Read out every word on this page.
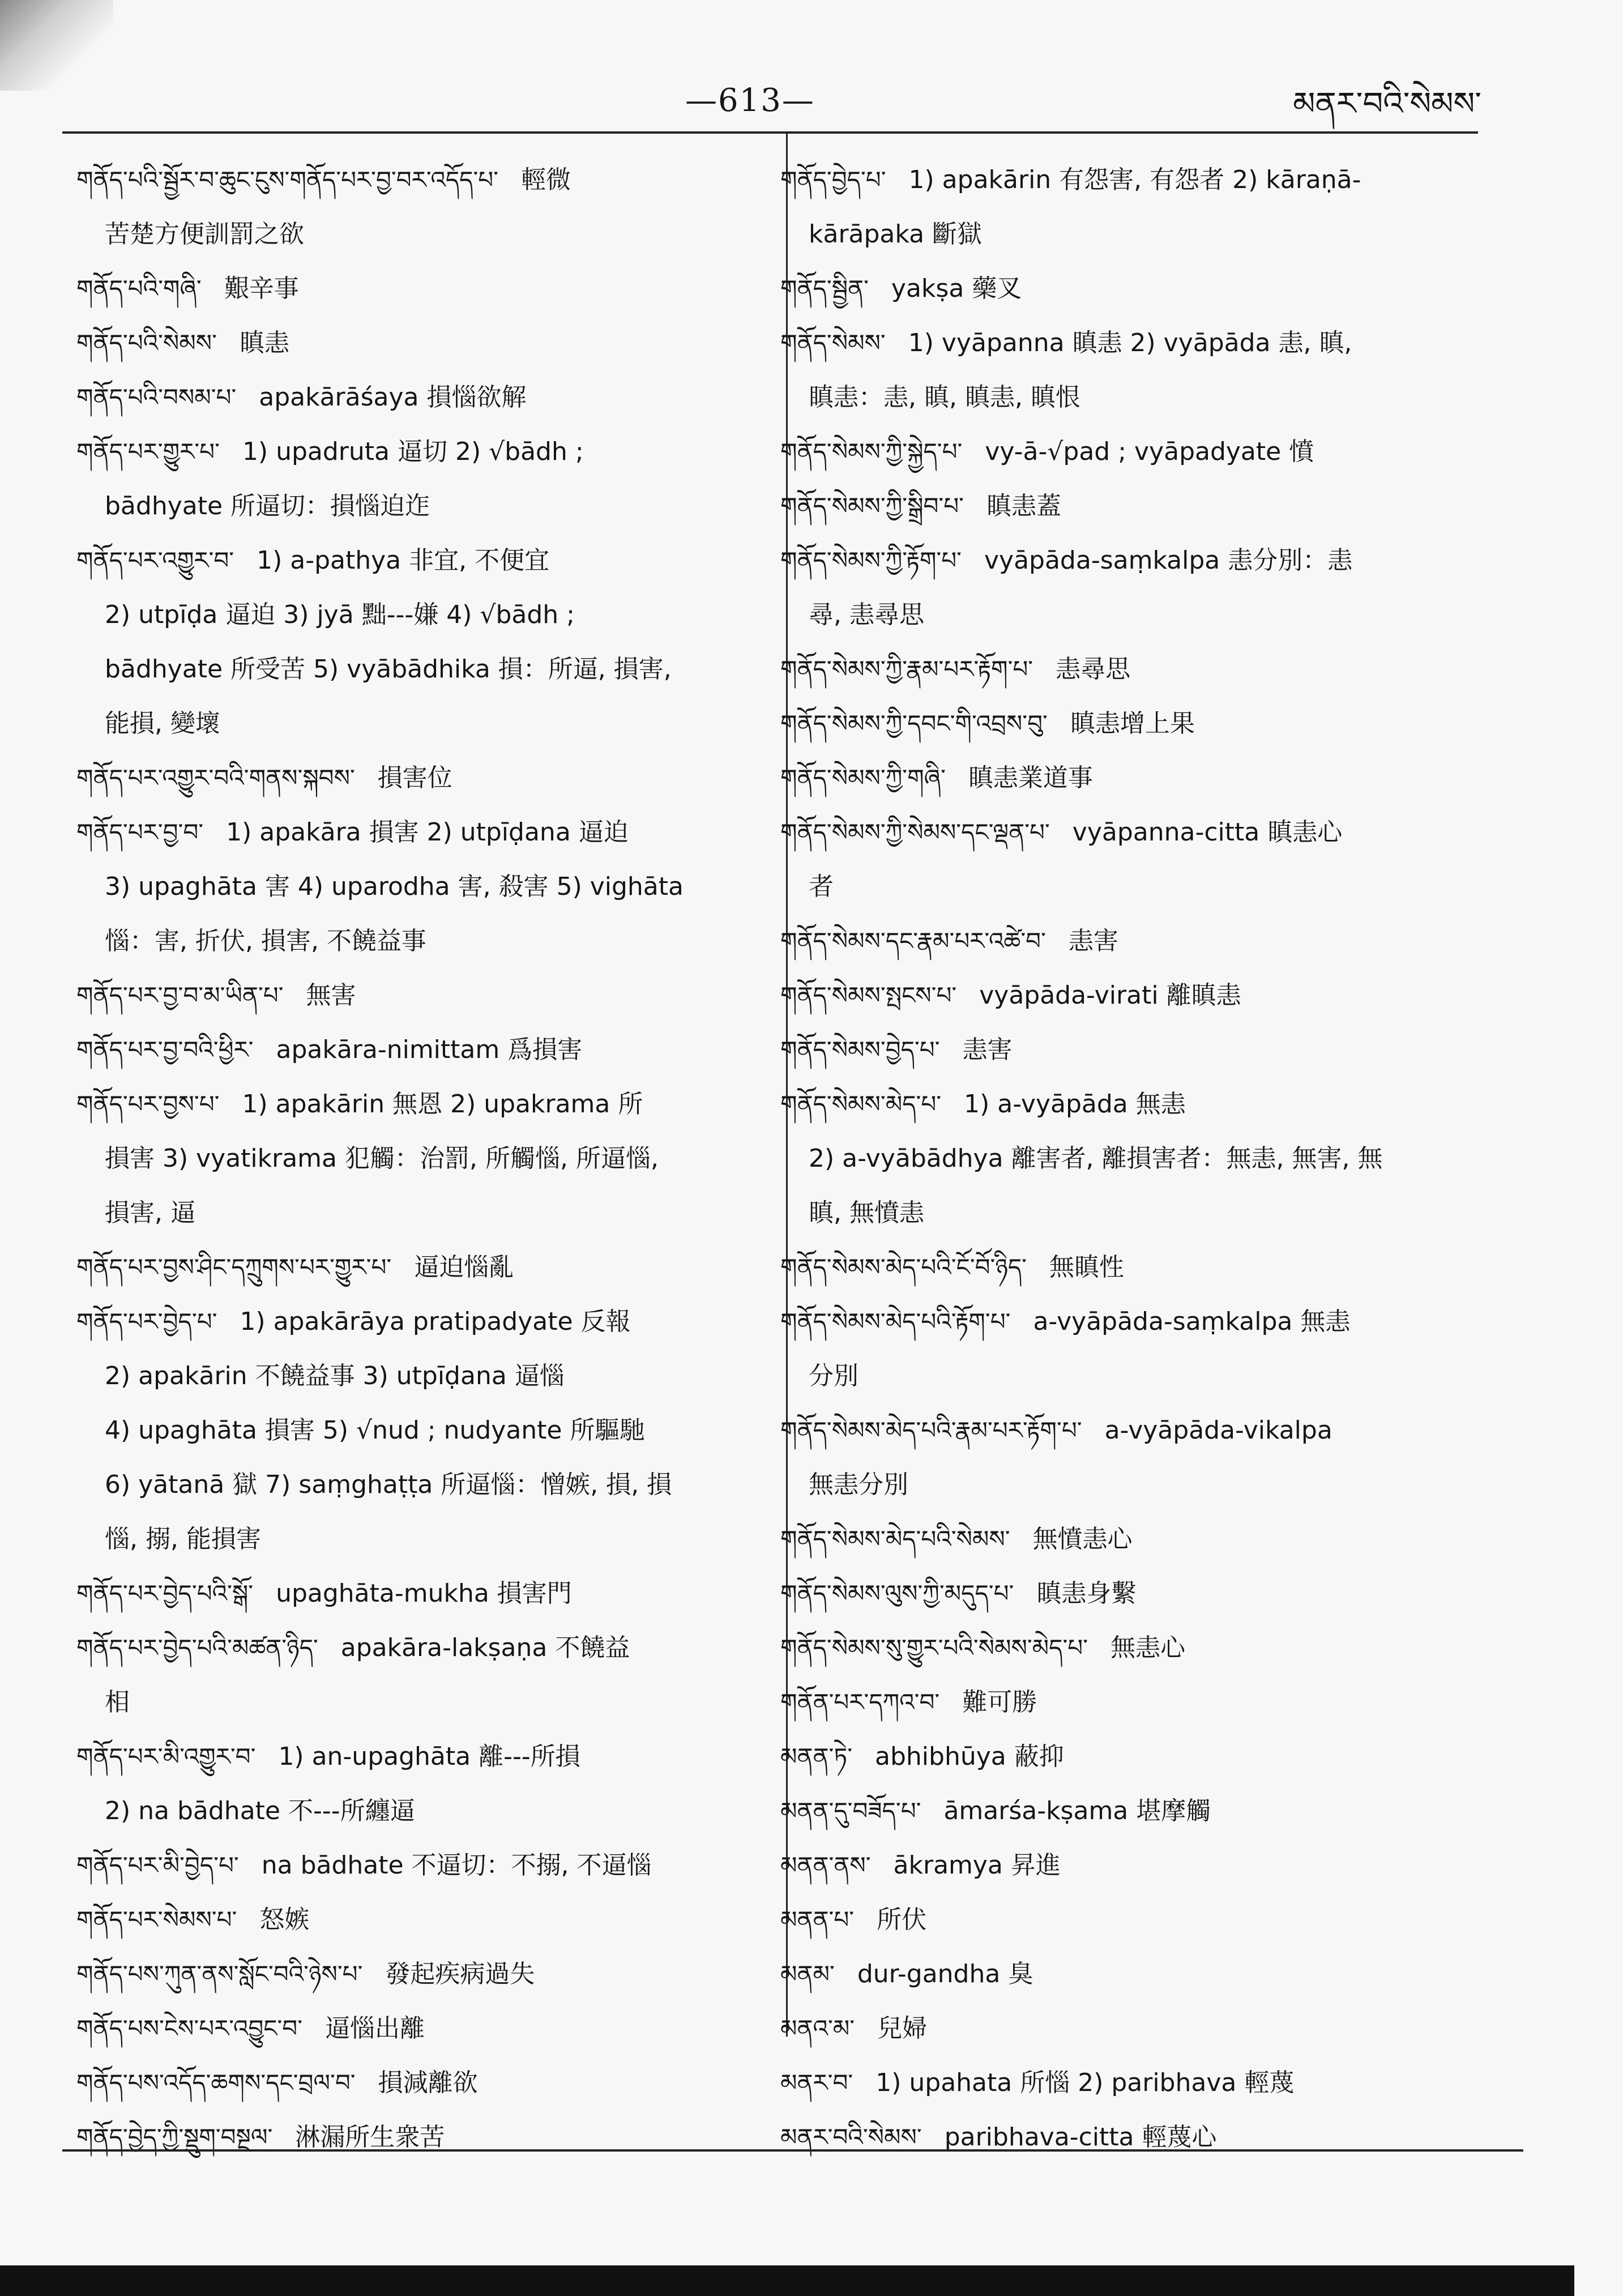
—613—	མནར་བའི་སེམས་
གནོད་པའི་སྦྱོར་བ་ཆུང་ངུས་གནོད་པར་བྱ་བར་འདོད་པ་ 輕微
苦楚方便訓罰之欲
གནོད་པའི་གཞི་ 艱辛事
གནོད་པའི་སེམས་ 瞋恚
གནོད་པའི་བསམ་པ་ apakārāśaya 損惱欲解
གནོད་པར་གྱུར་པ་ 1) upadruta 逼切 2) √bādh ;
bādhyate 所逼切：損惱迫迮
གནོད་པར་འགྱུར་བ་ 1) a-pathya 非宜, 不便宜
2) utpīḍa 逼迫 3) jyā 黜---嫌 4) √bādh ;
bādhyate 所受苦 5) vyābādhika 損：所逼, 損害,
能損, 變壞
གནོད་པར་འགྱུར་བའི་གནས་སྐབས་ 損害位
གནོད་པར་བྱ་བ་ 1) apakāra 損害 2) utpīḍana 逼迫
3) upaghāta 害 4) uparodha 害, 殺害 5) vighāta
惱：害, 折伏, 損害, 不饒益事
གནོད་པར་བྱ་བ་མ་ཡིན་པ་ 無害
གནོད་པར་བྱ་བའི་ཕྱིར་ apakāra-nimittam 爲損害
གནོད་པར་བྱས་པ་ 1) apakārin 無恩 2) upakrama 所
損害 3) vyatikrama 犯觸：治罰, 所觸惱, 所逼惱,
損害, 逼
གནོད་པར་བྱས་ཤིང་དཀྲུགས་པར་གྱུར་པ་ 逼迫惱亂
གནོད་པར་བྱེད་པ་ 1) apakārāya pratipadyate 反報
2) apakārin 不饒益事 3) utpīḍana 逼惱
4) upaghāta 損害 5) √nud ; nudyante 所驅馳
6) yātanā 獄 7) saṃghaṭṭa 所逼惱：憎嫉, 損, 損
惱, 搦, 能損害
གནོད་པར་བྱེད་པའི་སྒོ་ upaghāta-mukha 損害門
གནོད་པར་བྱེད་པའི་མཚན་ཉིད་ apakāra-lakṣaṇa 不饒益
相
གནོད་པར་མི་འགྱུར་བ་ 1) an-upaghāta 離---所損
2) na bādhate 不---所纏逼
གནོད་པར་མི་བྱེད་པ་ na bādhate 不逼切：不搦, 不逼惱
གནོད་པར་སེམས་པ་ 怒嫉
གནོད་པས་ཀུན་ནས་སློང་བའི་ཉེས་པ་ 發起疾病過失
གནོད་པས་ངེས་པར་འབྱུང་བ་ 逼惱出離
གནོད་པས་འདོད་ཆགས་དང་བྲལ་བ་ 損減離欲
གནོད་བྱེད་ཀྱི་སྡུག་བསྔལ་ 淋漏所生衆苦
གནོད་བྱེད་པ་ 1) apakārin 有怨害, 有怨者 2) kāraṇā-
kārāpaka 斷獄
གནོད་སྦྱིན་ yakṣa 藥叉
གནོད་སེམས་ 1) vyāpanna 瞋恚 2) vyāpāda 恚, 瞋,
瞋恚：恚, 瞋, 瞋恚, 瞋恨
གནོད་སེམས་ཀྱི་སྐྱེད་པ་ vy-ā-√pad ; vyāpadyate 憤
གནོད་སེམས་ཀྱི་སྒྲིབ་པ་ 瞋恚蓋
གནོད་སེམས་ཀྱི་རྟོག་པ་ vyāpāda-saṃkalpa 恚分別：恚
尋, 恚尋思
གནོད་སེམས་ཀྱི་རྣམ་པར་རྟོག་པ་ 恚尋思
གནོད་སེམས་ཀྱི་དབང་གི་འབྲས་བུ་ 瞋恚增上果
གནོད་སེམས་ཀྱི་གཞི་ 瞋恚業道事
གནོད་སེམས་ཀྱི་སེམས་དང་ལྡན་པ་ vyāpanna-citta 瞋恚心
者
གནོད་སེམས་དང་རྣམ་པར་འཚེ་བ་ 恚害
གནོད་སེམས་སྤངས་པ་ vyāpāda-virati 離瞋恚
གནོད་སེམས་བྱེད་པ་ 恚害
གནོད་སེམས་མེད་པ་ 1) a-vyāpāda 無恚
2) a-vyābādhya 離害者, 離損害者：無恚, 無害, 無
瞋, 無憤恚
གནོད་སེམས་མེད་པའི་ངོ་བོ་ཉིད་ 無瞋性
གནོད་སེམས་མེད་པའི་རྟོག་པ་ a-vyāpāda-saṃkalpa 無恚
分別
གནོད་སེམས་མེད་པའི་རྣམ་པར་རྟོག་པ་ a-vyāpāda-vikalpa
無恚分別
གནོད་སེམས་མེད་པའི་སེམས་ 無憤恚心
གནོད་སེམས་ལུས་ཀྱི་མདུད་པ་ 瞋恚身繫
གནོད་སེམས་སུ་གྱུར་པའི་སེམས་མེད་པ་ 無恚心
གནོན་པར་དཀའ་བ་ 難可勝
མནན་ཏེ་ abhibhūya 蔽抑
མནན་དུ་བཟོད་པ་ āmarśa-kṣama 堪摩觸
མནན་ནས་ ākramya 昇進
མནན་པ་ 所伏
མནམ་ dur-gandha 臭
མནའ་མ་ 兒婦
མནར་བ་ 1) upahata 所惱 2) paribhava 輕蔑
མནར་བའི་སེམས་ paribhava-citta 輕蔑心
